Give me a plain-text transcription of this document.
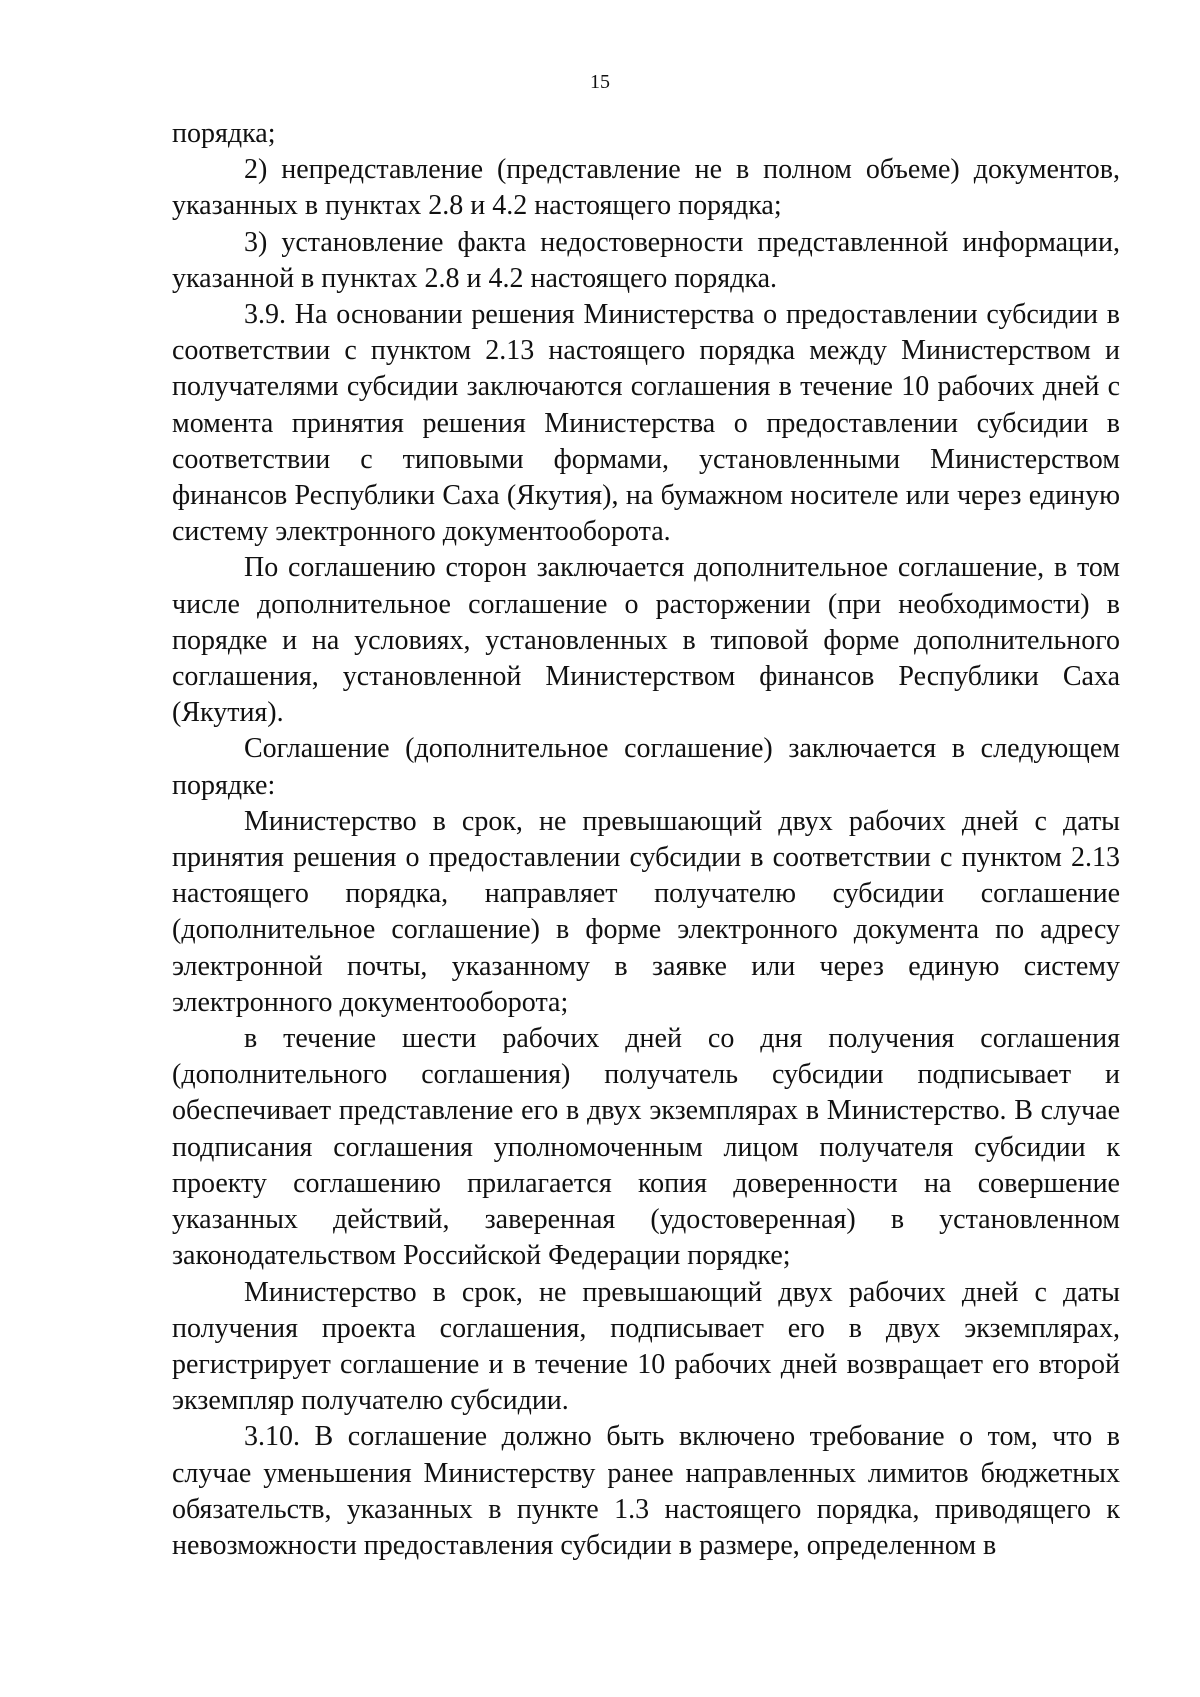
15

порядка;

2) непредставление (представление не в полном объеме) документов, указанных в пунктах 2.8 и 4.2 настоящего порядка;

3) установление факта недостоверности представленной информации, указанной в пунктах 2.8 и 4.2 настоящего порядка.

3.9. На основании решения Министерства о предоставлении субсидии в соответствии с пунктом 2.13 настоящего порядка между Министерством и получателями субсидии заключаются соглашения в течение 10 рабочих дней с момента принятия решения Министерства о предоставлении субсидии в соответствии с типовыми формами, установленными Министерством финансов Республики Саха (Якутия), на бумажном носителе или через единую систему электронного документооборота.

По соглашению сторон заключается дополнительное соглашение, в том числе дополнительное соглашение о расторжении (при необходимости) в порядке и на условиях, установленных в типовой форме дополнительного соглашения, установленной Министерством финансов Республики Саха (Якутия).

Соглашение (дополнительное соглашение) заключается в следующем порядке:

Министерство в срок, не превышающий двух рабочих дней с даты принятия решения о предоставлении субсидии в соответствии с пунктом 2.13 настоящего порядка, направляет получателю субсидии соглашение (дополнительное соглашение) в форме электронного документа по адресу электронной почты, указанному в заявке или через единую систему электронного документооборота;

в течение шести рабочих дней со дня получения соглашения (дополнительного соглашения) получатель субсидии подписывает и обеспечивает представление его в двух экземплярах в Министерство. В случае подписания соглашения уполномоченным лицом получателя субсидии к проекту соглашению прилагается копия доверенности на совершение указанных действий, заверенная (удостоверенная) в установленном законодательством Российской Федерации порядке;

Министерство в срок, не превышающий двух рабочих дней с даты получения проекта соглашения, подписывает его в двух экземплярах, регистрирует соглашение и в течение 10 рабочих дней возвращает его второй экземпляр получателю субсидии.

3.10. В соглашение должно быть включено требование о том, что в случае уменьшения Министерству ранее направленных лимитов бюджетных обязательств, указанных в пункте 1.3 настоящего порядка, приводящего к невозможности предоставления субсидии в размере, определенном в
